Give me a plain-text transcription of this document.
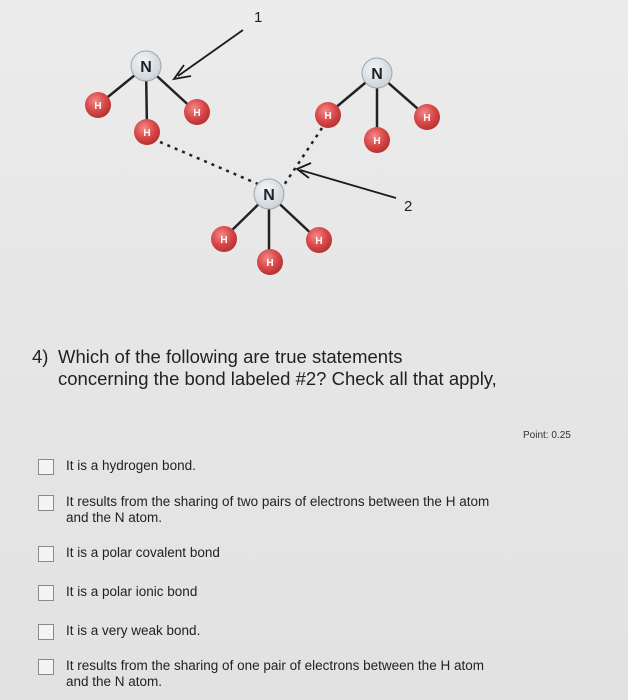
N
H
H
H
N
H
H
H
N
H
H
H
1
2
4) Which of the following are true statements concerning the bond labeled #2? Check all that apply,
Point: 0.25
It is a hydrogen bond.
It results from the sharing of two pairs of electrons between the H atom and the N atom.
It is a polar covalent bond
It is a polar ionic bond
It is a very weak bond.
It results from the sharing of one pair of electrons between the H atom and the N atom.
